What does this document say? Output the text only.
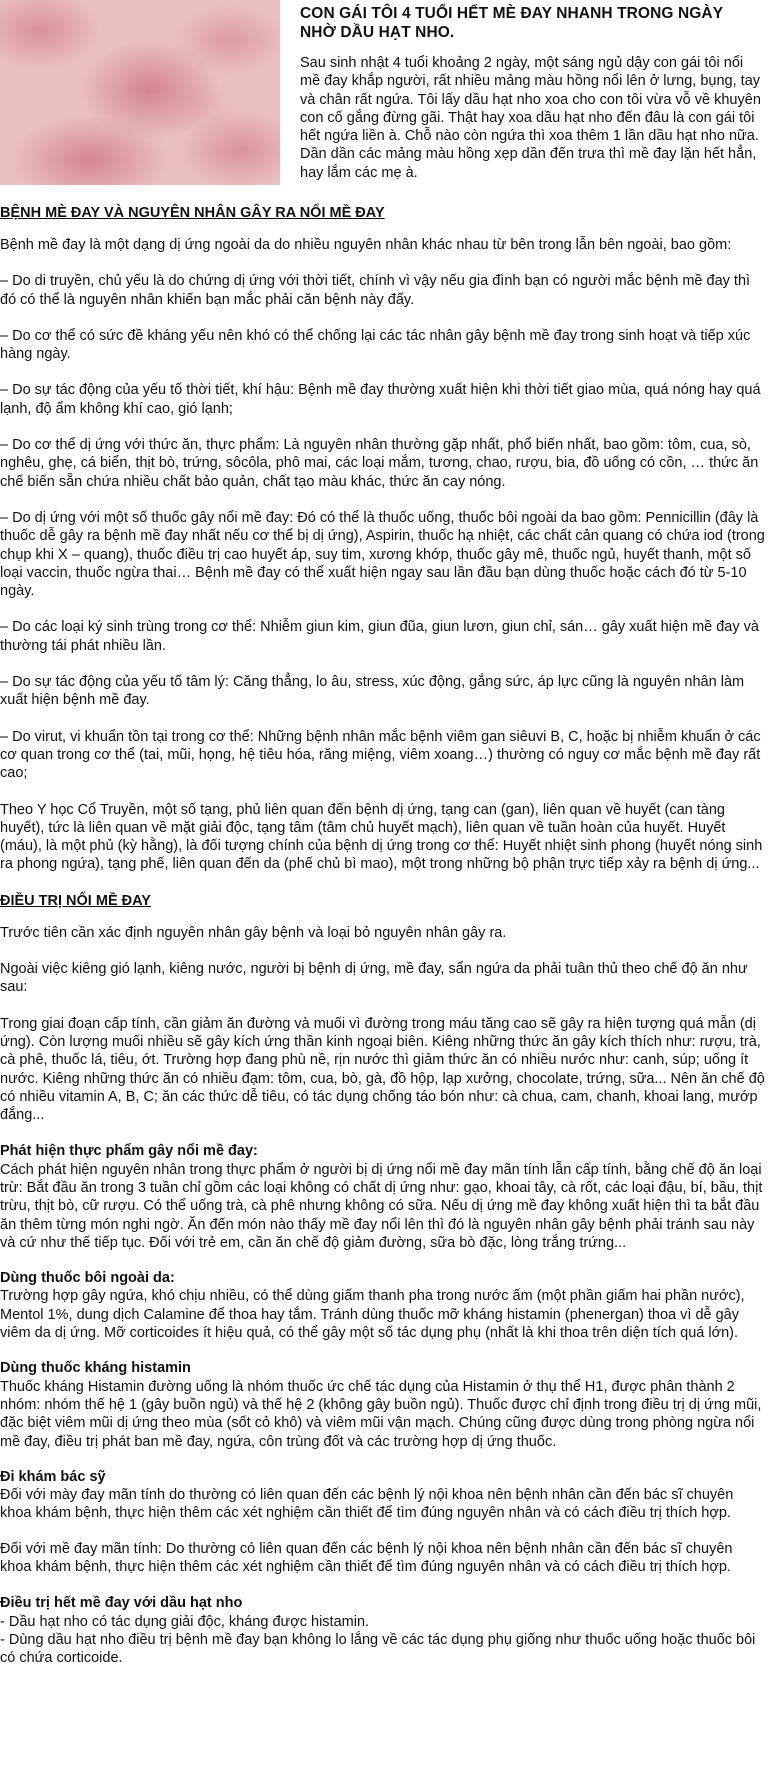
CON GÁI TÔI 4 TUỔI HẾT MÈ ĐAY NHANH TRONG NGÀY NHỜ DẦU HẠT NHO.

Sau sinh nhật 4 tuổi khoảng 2 ngày, một sáng ngủ dậy con gái tôi nổi mề đay khắp người, rất nhiều mảng màu hồng nổi lên ở lưng, bụng, tay và chân rất ngứa. Tôi lấy dầu hạt nho xoa cho con tôi vừa vỗ về khuyên con cố gắng đừng gãi. Thật hay xoa dầu hạt nho đến đâu là con gái tôi hết ngứa liền à. Chỗ nào còn ngứa thì xoa thêm 1 lần dầu hạt nho nữa. Dần dần các mảng màu hồng xẹp dần đến trưa thì mề đay lặn hết hẳn, hay lắm các mẹ à.

BỆNH MÈ ĐAY VÀ NGUYÊN NHÂN GÂY RA NỔI MỀ ĐAY

Bệnh mề đay là một dạng dị ứng ngoài da do nhiều nguyên nhân khác nhau từ bên trong lẫn bên ngoài, bao gồm:

– Do di truyền, chủ yếu là do chứng dị ứng với thời tiết, chính vì vậy nếu gia đình bạn có người mắc bệnh mề đay thì đó có thể là nguyên nhân khiến bạn mắc phải căn bệnh này đấy.

– Do cơ thể có sức đề kháng yếu nên khó có thể chống lại các tác nhân gây bệnh mề đay trong sinh hoạt và tiếp xúc hàng ngày.

– Do sự tác động của yếu tố thời tiết, khí hậu: Bệnh mề đay thường xuất hiện khi thời tiết giao mùa, quá nóng hay quá lạnh, độ ẩm không khí cao, gió lạnh;

– Do cơ thể dị ứng với thức ăn, thực phẩm: Là nguyên nhân thường gặp nhất, phổ biến nhất, bao gồm: tôm, cua, sò, nghêu, ghẹ, cá biển, thịt bò, trứng, sôcôla, phô mai, các loại mắm, tương, chao, rượu, bia, đồ uống có cồn, … thức ăn chế biến sẵn chứa nhiều chất bảo quản, chất tạo màu khác, thức ăn cay nóng.

– Do dị ứng với một số thuốc gây nổi mề đay: Đó có thể là thuốc uống, thuốc bôi ngoài da bao gồm: Pennicillin (đây là thuốc dễ gây ra bệnh mề đay nhất nếu cơ thể bị dị ứng), Aspirin, thuốc hạ nhiệt, các chất cản quang có chứa iod (trong chụp khi X – quang), thuốc điều trị cao huyết áp, suy tim, xương khớp, thuốc gây mê, thuốc ngủ, huyết thanh, một số loại vaccin, thuốc ngừa thai… Bệnh mề đay có thể xuất hiện ngay sau lần đầu bạn dùng thuốc hoặc cách đó từ 5-10 ngày.

– Do các loại ký sinh trùng trong cơ thể: Nhiễm giun kim, giun đũa, giun lươn, giun chỉ, sán… gây xuất hiện mề đay và thường tái phát nhiều lần.

– Do sự tác động của yếu tố tâm lý: Căng thẳng, lo âu, stress, xúc động, gắng sức, áp lực cũng là nguyên nhân làm xuất hiện bệnh mề đay.

– Do virut, vi khuẩn tồn tại trong cơ thể: Những bệnh nhân mắc bệnh viêm gan siêuvi B, C, hoặc bị nhiễm khuẩn ở các cơ quan trong cơ thể (tai, mũi, họng, hệ tiêu hóa, răng miệng, viêm xoang…) thường có nguy cơ mắc bệnh mề đay rất cao;

Theo Y học Cổ Truyền, một số tạng, phủ liên quan đến bệnh dị ứng, tạng can (gan), liên quan về huyết (can tàng huyết), tức là liên quan về mặt giải độc, tạng tâm (tâm chủ huyết mạch), liên quan về tuần hoàn của huyết. Huyết (máu), là một phủ (kỳ hằng), là đối tượng chính của bệnh dị ứng trong cơ thể: Huyết nhiệt sinh phong (huyết nóng sinh ra phong ngứa), tạng phế, liên quan đến da (phế chủ bì mao), một trong những bộ phận trực tiếp xảy ra bệnh dị ứng...

ĐIỀU TRỊ NỔI MỀ ĐAY

Trước tiên cần xác định nguyên nhân gây bệnh và loại bỏ nguyên nhân gây ra.

Ngoài việc kiêng gió lạnh, kiêng nước, người bị bệnh dị ứng, mề đay, sẩn ngứa da phải tuân thủ theo chế độ ăn như sau:

Trong giai đoạn cấp tính, cần giảm ăn đường và muối vì đường trong máu tăng cao sẽ gây ra hiện tượng quá mẫn (dị ứng). Còn lượng muối nhiều sẽ gây kích ứng thần kinh ngoại biên. Kiêng những thức ăn gây kích thích như: rượu, trà, cà phê, thuốc lá, tiêu, ớt. Trường hợp đang phù nề, rịn nước thì giảm thức ăn có nhiều nước như: canh, súp; uống ít nước. Kiêng những thức ăn có nhiều đạm: tôm, cua, bò, gà, đồ hộp, lạp xưởng, chocolate, trứng, sữa... Nên ăn chế độ có nhiều vitamin A, B, C; ăn các thức dễ tiêu, có tác dụng chống táo bón như: cà chua, cam, chanh, khoai lang, mướp đắng...

Phát hiện thực phẩm gây nổi mề đay:

Cách phát hiện nguyên nhân trong thực phẩm ở người bị dị ứng nổi mề đay mãn tính lẫn cấp tính, bằng chế độ ăn loại trừ: Bắt đầu ăn trong 3 tuần chỉ gồm các loại không có chất dị ứng như: gạo, khoai tây, cà rốt, các loại đậu, bí, bầu, thịt trừu, thịt bò, cữ rượu. Có thể uống trà, cà phê nhưng không có sữa. Nếu dị ứng mề đay không xuất hiện thì ta bắt đầu ăn thêm từng món nghi ngờ. Ăn đến món nào thấy mề đay nổi lên thì đó là nguyên nhân gây bệnh phải tránh sau này và cứ như thế tiếp tục. Đối với trẻ em, cần ăn chế độ giảm đường, sữa bò đặc, lòng trắng trứng...

Dùng thuốc bôi ngoài da:

Trường hợp gây ngứa, khó chịu nhiều, có thể dùng giấm thanh pha trong nước ấm (một phần giấm hai phần nước), Mentol 1%, dung dịch Calamine để thoa hay tắm. Tránh dùng thuốc mỡ kháng histamin (phenergan) thoa vì dễ gây viêm da dị ứng. Mỡ corticoides ít hiệu quả, có thể gây một số tác dụng phụ (nhất là khi thoa trên diện tích quá lớn).

Dùng thuốc kháng histamin

Thuốc kháng Histamin đường uống là nhóm thuốc ức chế tác dụng của Histamin ở thụ thể H1, được phân thành 2 nhóm: nhóm thế hệ 1 (gây buồn ngủ) và thế hệ 2 (không gây buồn ngủ). Thuốc được chỉ định trong điều trị dị ứng mũi, đặc biệt viêm mũi dị ứng theo mùa (sốt cỏ khô) và viêm mũi vận mạch. Chúng cũng được dùng trong phòng ngừa nổi mề đay, điều trị phát ban mề đay, ngứa, côn trùng đốt và các trường hợp dị ứng thuốc.

Đi khám bác sỹ

Đối với mày đay mãn tính do thường có liên quan đến các bệnh lý nội khoa nên bệnh nhân cần đến bác sĩ chuyên khoa khám bệnh, thực hiện thêm các xét nghiệm cần thiết để tìm đúng nguyên nhân và có cách điều trị thích hợp.

Đối với mề đay mãn tính: Do thường có liên quan đến các bệnh lý nội khoa nên bệnh nhân cần đến bác sĩ chuyên khoa khám bệnh, thực hiện thêm các xét nghiệm cần thiết để tìm đúng nguyên nhân và có cách điều trị thích hợp.

Điều trị hết mề đay với dầu hạt nho

- Dầu hạt nho có tác dụng giải độc, kháng được histamin.

- Dùng dầu hạt nho điều trị bệnh mề đay bạn không lo lắng về các tác dụng phụ giống như thuốc uống hoặc thuốc bôi có chứa corticoide.
